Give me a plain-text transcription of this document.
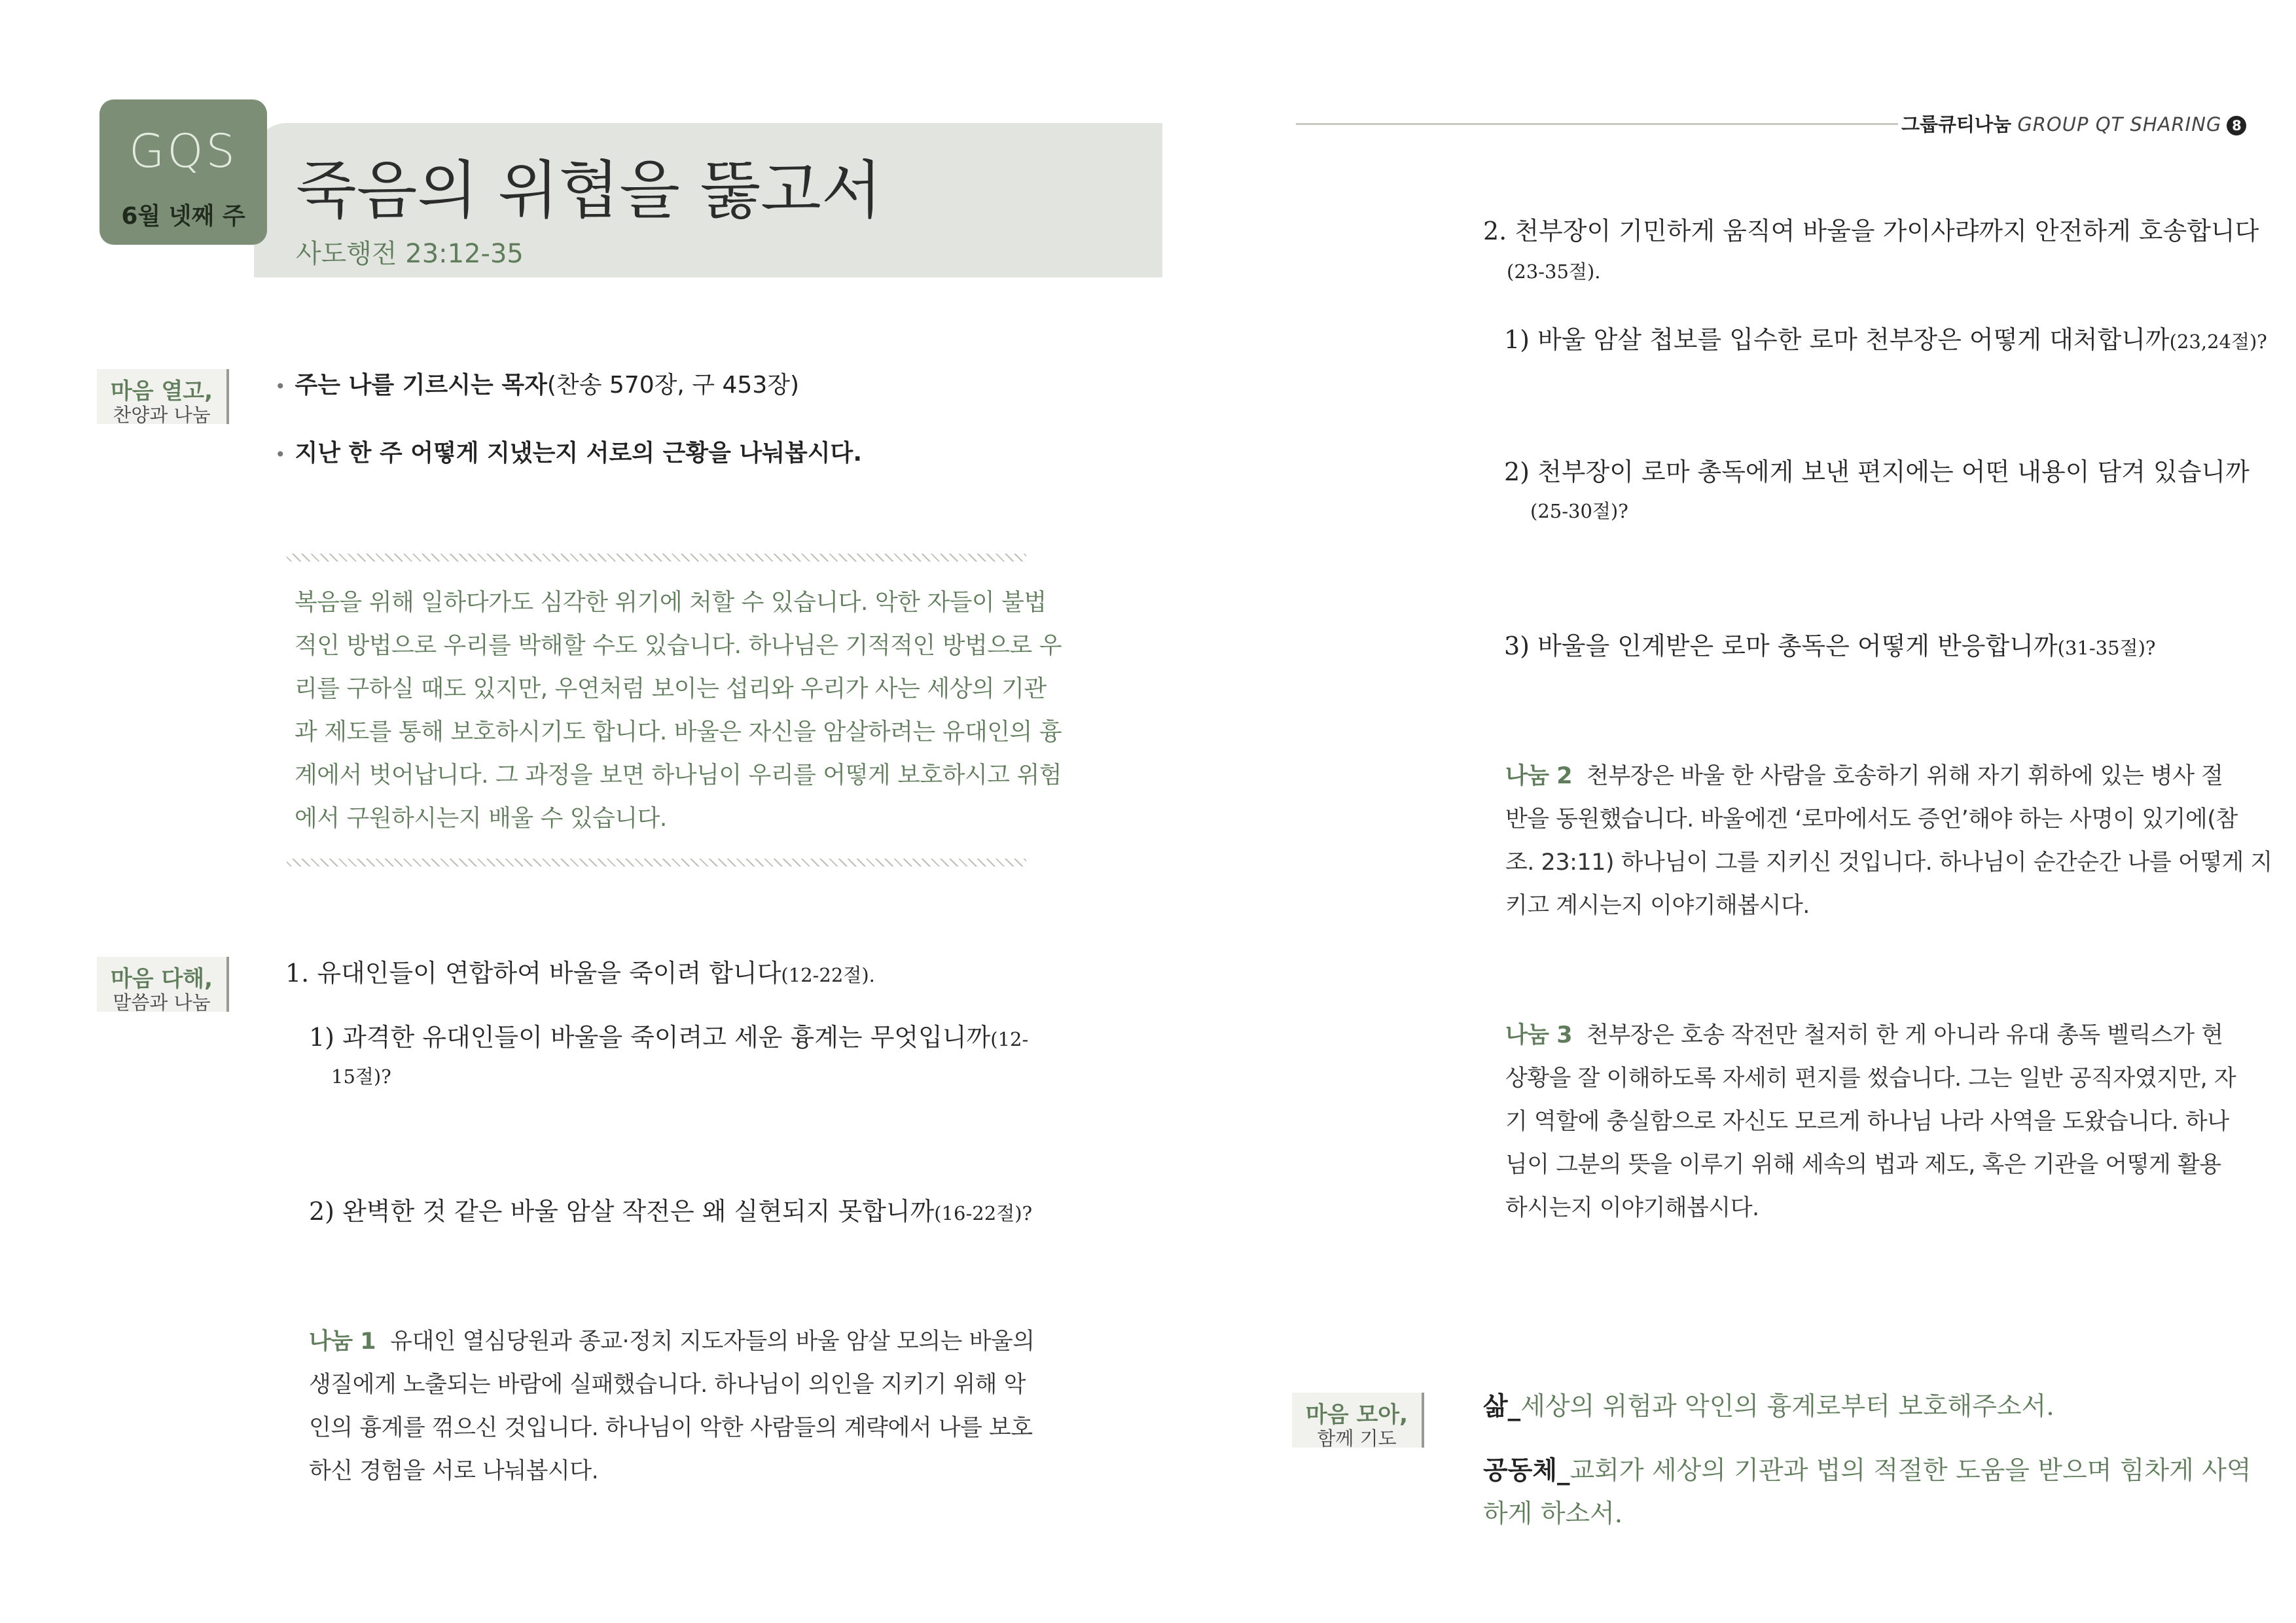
GQS
6월 넷째 주 죽음의 위협을 뚫고서
사도행전 23:12-35
마음 열고,
찬양과 나눔
• 주는 나를 기르시는 목자(찬송 570장, 구 453장)
• 지난 한 주 어떻게 지냈는지 서로의 근황을 나눠봅시다.
복음을 위해 일하다가도 심각한 위기에 처할 수 있습니다. 악한 자들이 불법
적인 방법으로 우리를 박해할 수도 있습니다. 하나님은 기적적인 방법으로 우
리를 구하실 때도 있지만, 우연처럼 보이는 섭리와 우리가 사는 세상의 기관
과 제도를 통해 보호하시기도 합니다. 바울은 자신을 암살하려는 유대인의 흉
계에서 벗어납니다. 그 과정을 보면 하나님이 우리를 어떻게 보호하시고 위험
에서 구원하시는지 배울 수 있습니다.
마음 다해,
말씀과 나눔
1. 유대인들이 연합하여 바울을 죽이려 합니다(12-22절).
1) 과격한 유대인들이 바울을 죽이려고 세운 흉계는 무엇입니까(12-
15절)?
2) 완벽한 것 같은 바울 암살 작전은 왜 실현되지 못합니까(16-22절)?
나눔 1 유대인 열심당원과 종교·정치 지도자들의 바울 암살 모의는 바울의
생질에게 노출되는 바람에 실패했습니다. 하나님이 의인을 지키기 위해 악
인의 흉계를 꺾으신 것입니다. 하나님이 악한 사람들의 계략에서 나를 보호
하신 경험을 서로 나눠봅시다.
그룹큐티나눔 GROUP QT SHARING 8
2. 천부장이 기민하게 움직여 바울을 가이사랴까지 안전하게 호송합니다
(23-35절).
1) 바울 암살 첩보를 입수한 로마 천부장은 어떻게 대처합니까(23,24절)?
2) 천부장이 로마 총독에게 보낸 편지에는 어떤 내용이 담겨 있습니까
(25-30절)?
3) 바울을 인계받은 로마 총독은 어떻게 반응합니까(31-35절)?
나눔 2 천부장은 바울 한 사람을 호송하기 위해 자기 휘하에 있는 병사 절
반을 동원했습니다. 바울에겐 ‘로마에서도 증언’해야 하는 사명이 있기에(참
조. 23:11) 하나님이 그를 지키신 것입니다. 하나님이 순간순간 나를 어떻게 지
키고 계시는지 이야기해봅시다.
나눔 3 천부장은 호송 작전만 철저히 한 게 아니라 유대 총독 벨릭스가 현
상황을 잘 이해하도록 자세히 편지를 썼습니다. 그는 일반 공직자였지만, 자
기 역할에 충실함으로 자신도 모르게 하나님 나라 사역을 도왔습니다. 하나
님이 그분의 뜻을 이루기 위해 세속의 법과 제도, 혹은 기관을 어떻게 활용
하시는지 이야기해봅시다.
마음 모아,
함께 기도
삶_세상의 위험과 악인의 흉계로부터 보호해주소서.
공동체_교회가 세상의 기관과 법의 적절한 도움을 받으며 힘차게 사역
하게 하소서.
